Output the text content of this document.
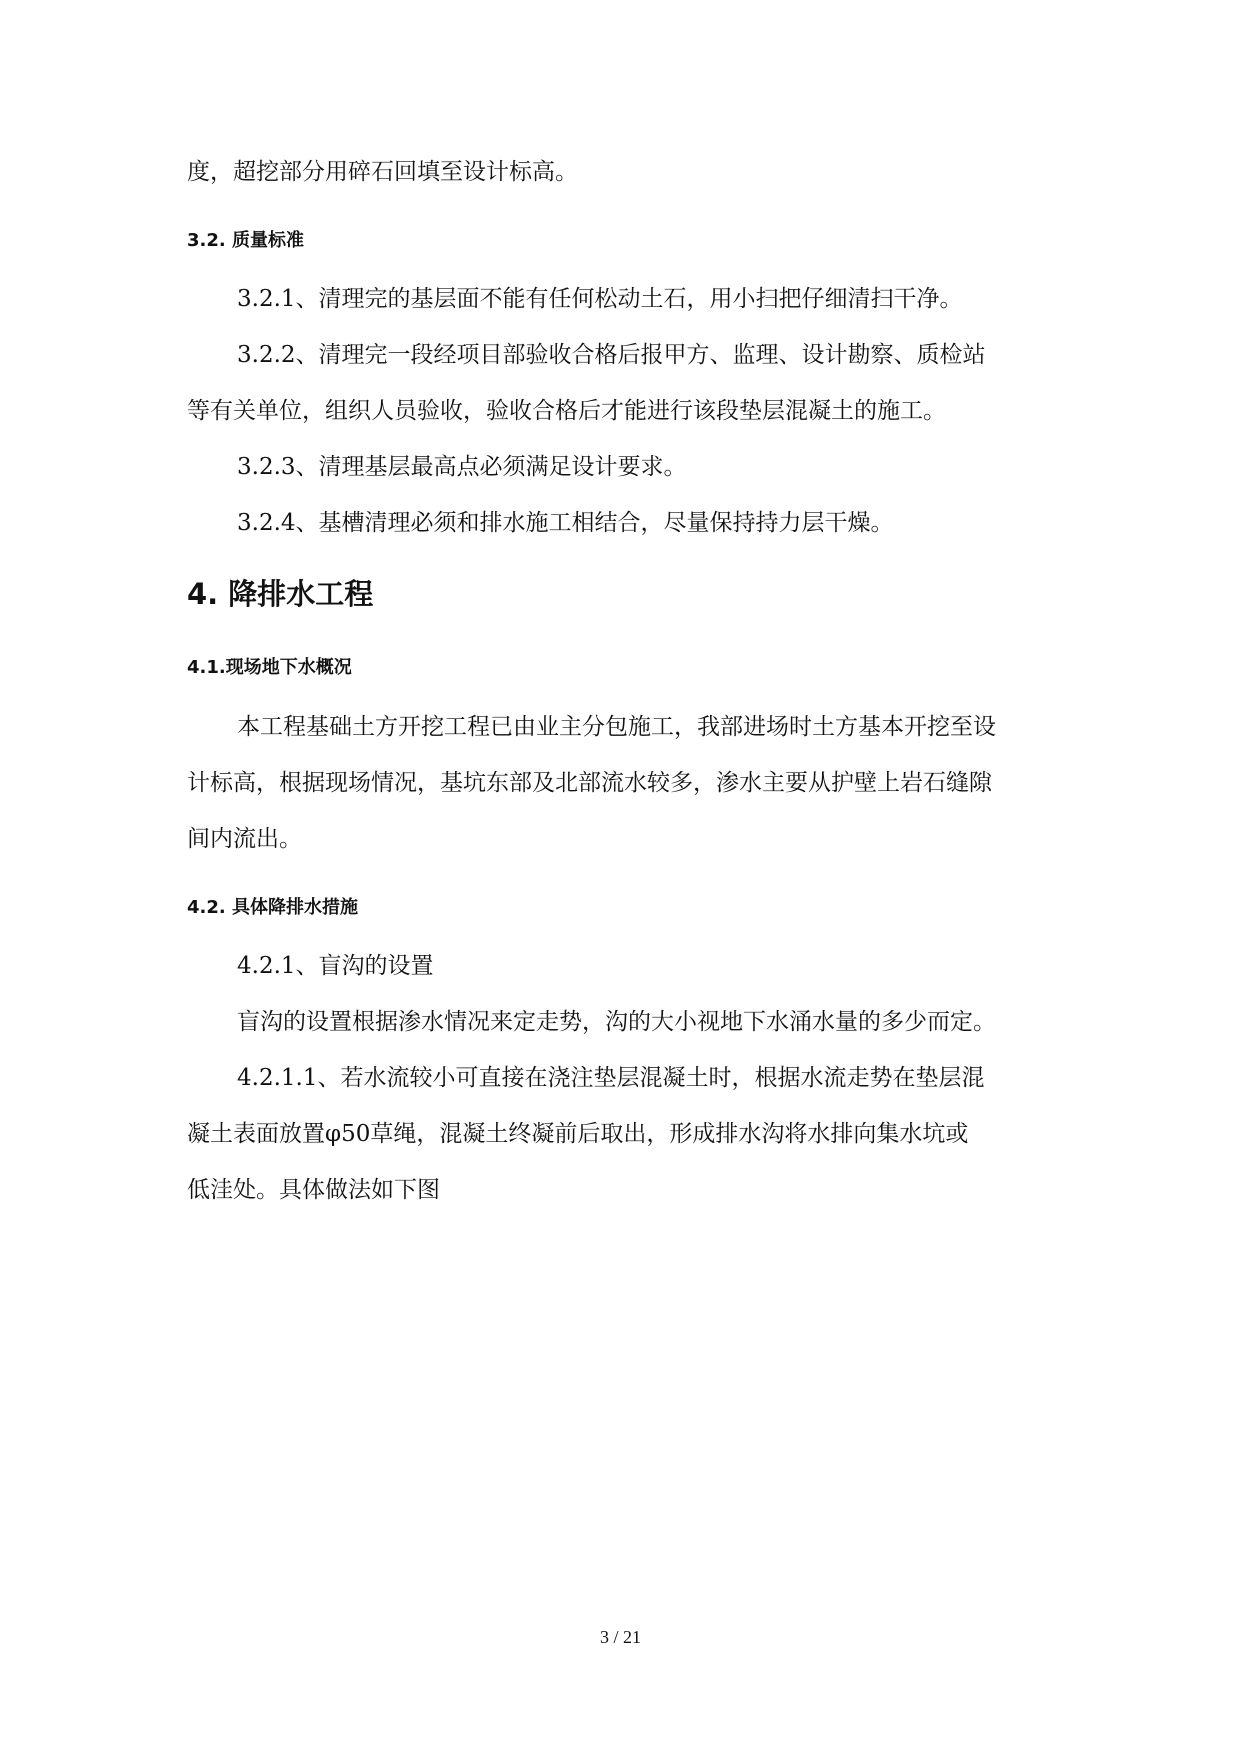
度，超挖部分用碎石回填至设计标高。

3.2. 质量标准

3.2.1、清理完的基层面不能有任何松动土石，用小扫把仔细清扫干净。

3.2.2、清理完一段经项目部验收合格后报甲方、监理、设计勘察、质检站

等有关单位，组织人员验收，验收合格后才能进行该段垫层混凝土的施工。

3.2.3、清理基层最高点必须满足设计要求。

3.2.4、基槽清理必须和排水施工相结合，尽量保持持力层干燥。

4. 降排水工程
4.1.现场地下水概况

本工程基础土方开挖工程已由业主分包施工，我部进场时土方基本开挖至设

计标高，根据现场情况，基坑东部及北部流水较多，渗水主要从护壁上岩石缝隙

间内流出。

4.2. 具体降排水措施

4.2.1、盲沟的设置

盲沟的设置根据渗水情况来定走势，沟的大小视地下水涌水量的多少而定。

4.2.1.1、若水流较小可直接在浇注垫层混凝土时，根据水流走势在垫层混

凝土表面放置φ50草绳，混凝土终凝前后取出，形成排水沟将水排向集水坑或

低洼处。具体做法如下图

3 / 21
